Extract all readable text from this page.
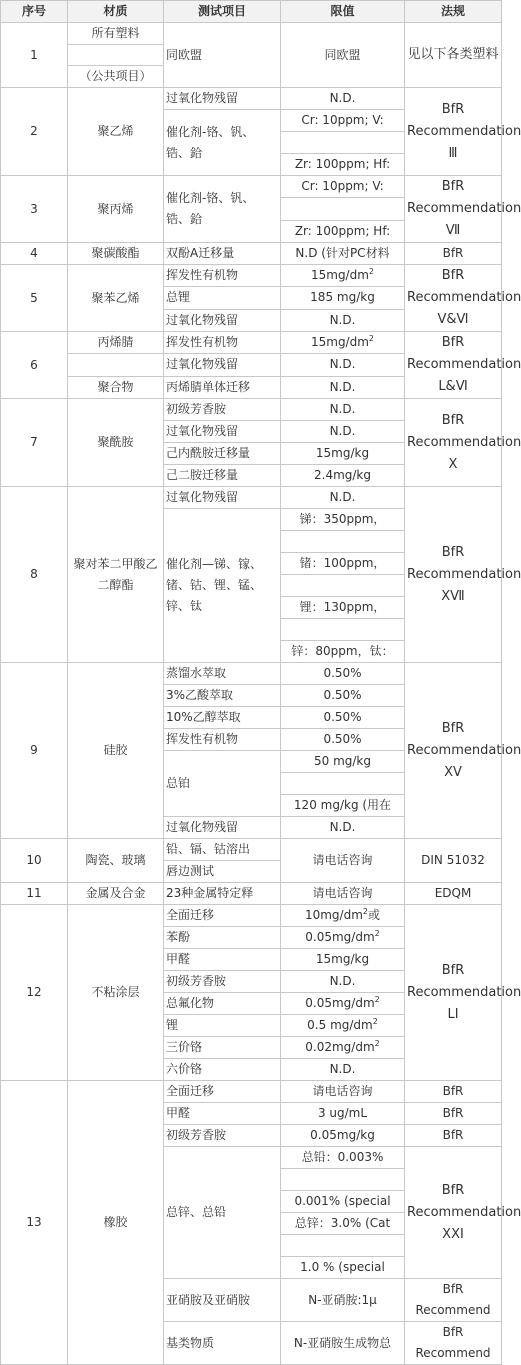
序号	材质	测试项目	限值	法规
1	所有塑料	同欧盟	同欧盟	见以下各类塑料

	（公共项目）			
2	聚乙烯	过氧化物残留	N.D.	BfR Recommendation Ⅲ
		催化剂-铬、钒、锆、鉿	Cr: 10ppm; V:	

			Zr: 100ppm; Hf:	
3	聚丙烯	催化剂-铬、钒、锆、鉿	Cr: 10ppm; V:	BfR Recommendation Ⅶ

			Zr: 100ppm; Hf:	
4	聚碳酸酯	双酚A迁移量	N.D (针对PC材料	BfR
5	聚苯乙烯	挥发性有机物	$15mg/dm^2$	BfR Recommendation Ⅴ&Ⅵ
		总锂	185 mg/kg	
		过氧化物残留	N.D.	
6	丙烯腈	挥发性有机物	$15mg/dm^2$	BfR Recommendation L&Ⅵ
		过氧化物残留	N.D.	
	聚合物	丙烯腈单体迁移	N.D.	
7	聚酰胺	初级芳香胺	N.D.	BfR Recommendation Ⅹ
		过氧化物残留	N.D.	
		己内酰胺迁移量	15mg/kg	
		己二胺迁移量	2.4mg/kg	
8	聚对苯二甲酸乙二醇酯	过氧化物残留	N.D.	BfR Recommendation ⅩⅦ
		催化剂—锑、镓、锗、钴、锂、锰、锌、钛	锑：350ppm，	

			锗：100ppm，	

			锂：130ppm，	

			锌：80ppm，钛：	
9	硅胶	蒸馏水萃取	0.50%	BfR Recommendation ⅩⅤ
		3%乙酸萃取	0.50%	
		10%乙醇萃取	0.50%	
		挥发性有机物	0.50%	
		总铂	50 mg/kg	

			120 mg/kg (用在	
		过氧化物残留	N.D.	
10	陶瓷、玻璃	铅、镉、钴溶出	请电话咨询	DIN 51032
		唇边测试		
11	金属及合金	23种金属特定释	请电话咨询	EDQM
12	不粘涂层	全面迁移	$10mg/dm^2$或	BfR Recommendation LI
		苯酚	$0.05mg/dm^2$
		甲醛	15mg/kg	
		初级芳香胺	N.D.	
		总氟化物	$0.05mg/dm^2$
		锂	0.5 $mg/dm^2$
		三价铬	$0.02mg/dm^2$
		六价铬	N.D.	
13	橡胶	全面迁移	请电话咨询	BfR
		甲醛	3 ug/mL	BfR
		初级芳香胺	0.05mg/kg	BfR
		总锌、总铅	总铅：0.003%	BfR Recommendation ⅩⅩⅠ

			0.001% (special	
			总锌：3.0% (Cat	

			1.0 % (special	
		亚硝胺及亚硝胺	N-亚硝胺:1μ	BfR Recommend
		基类物质	N-亚硝胺生成物总	BfR Recommend
